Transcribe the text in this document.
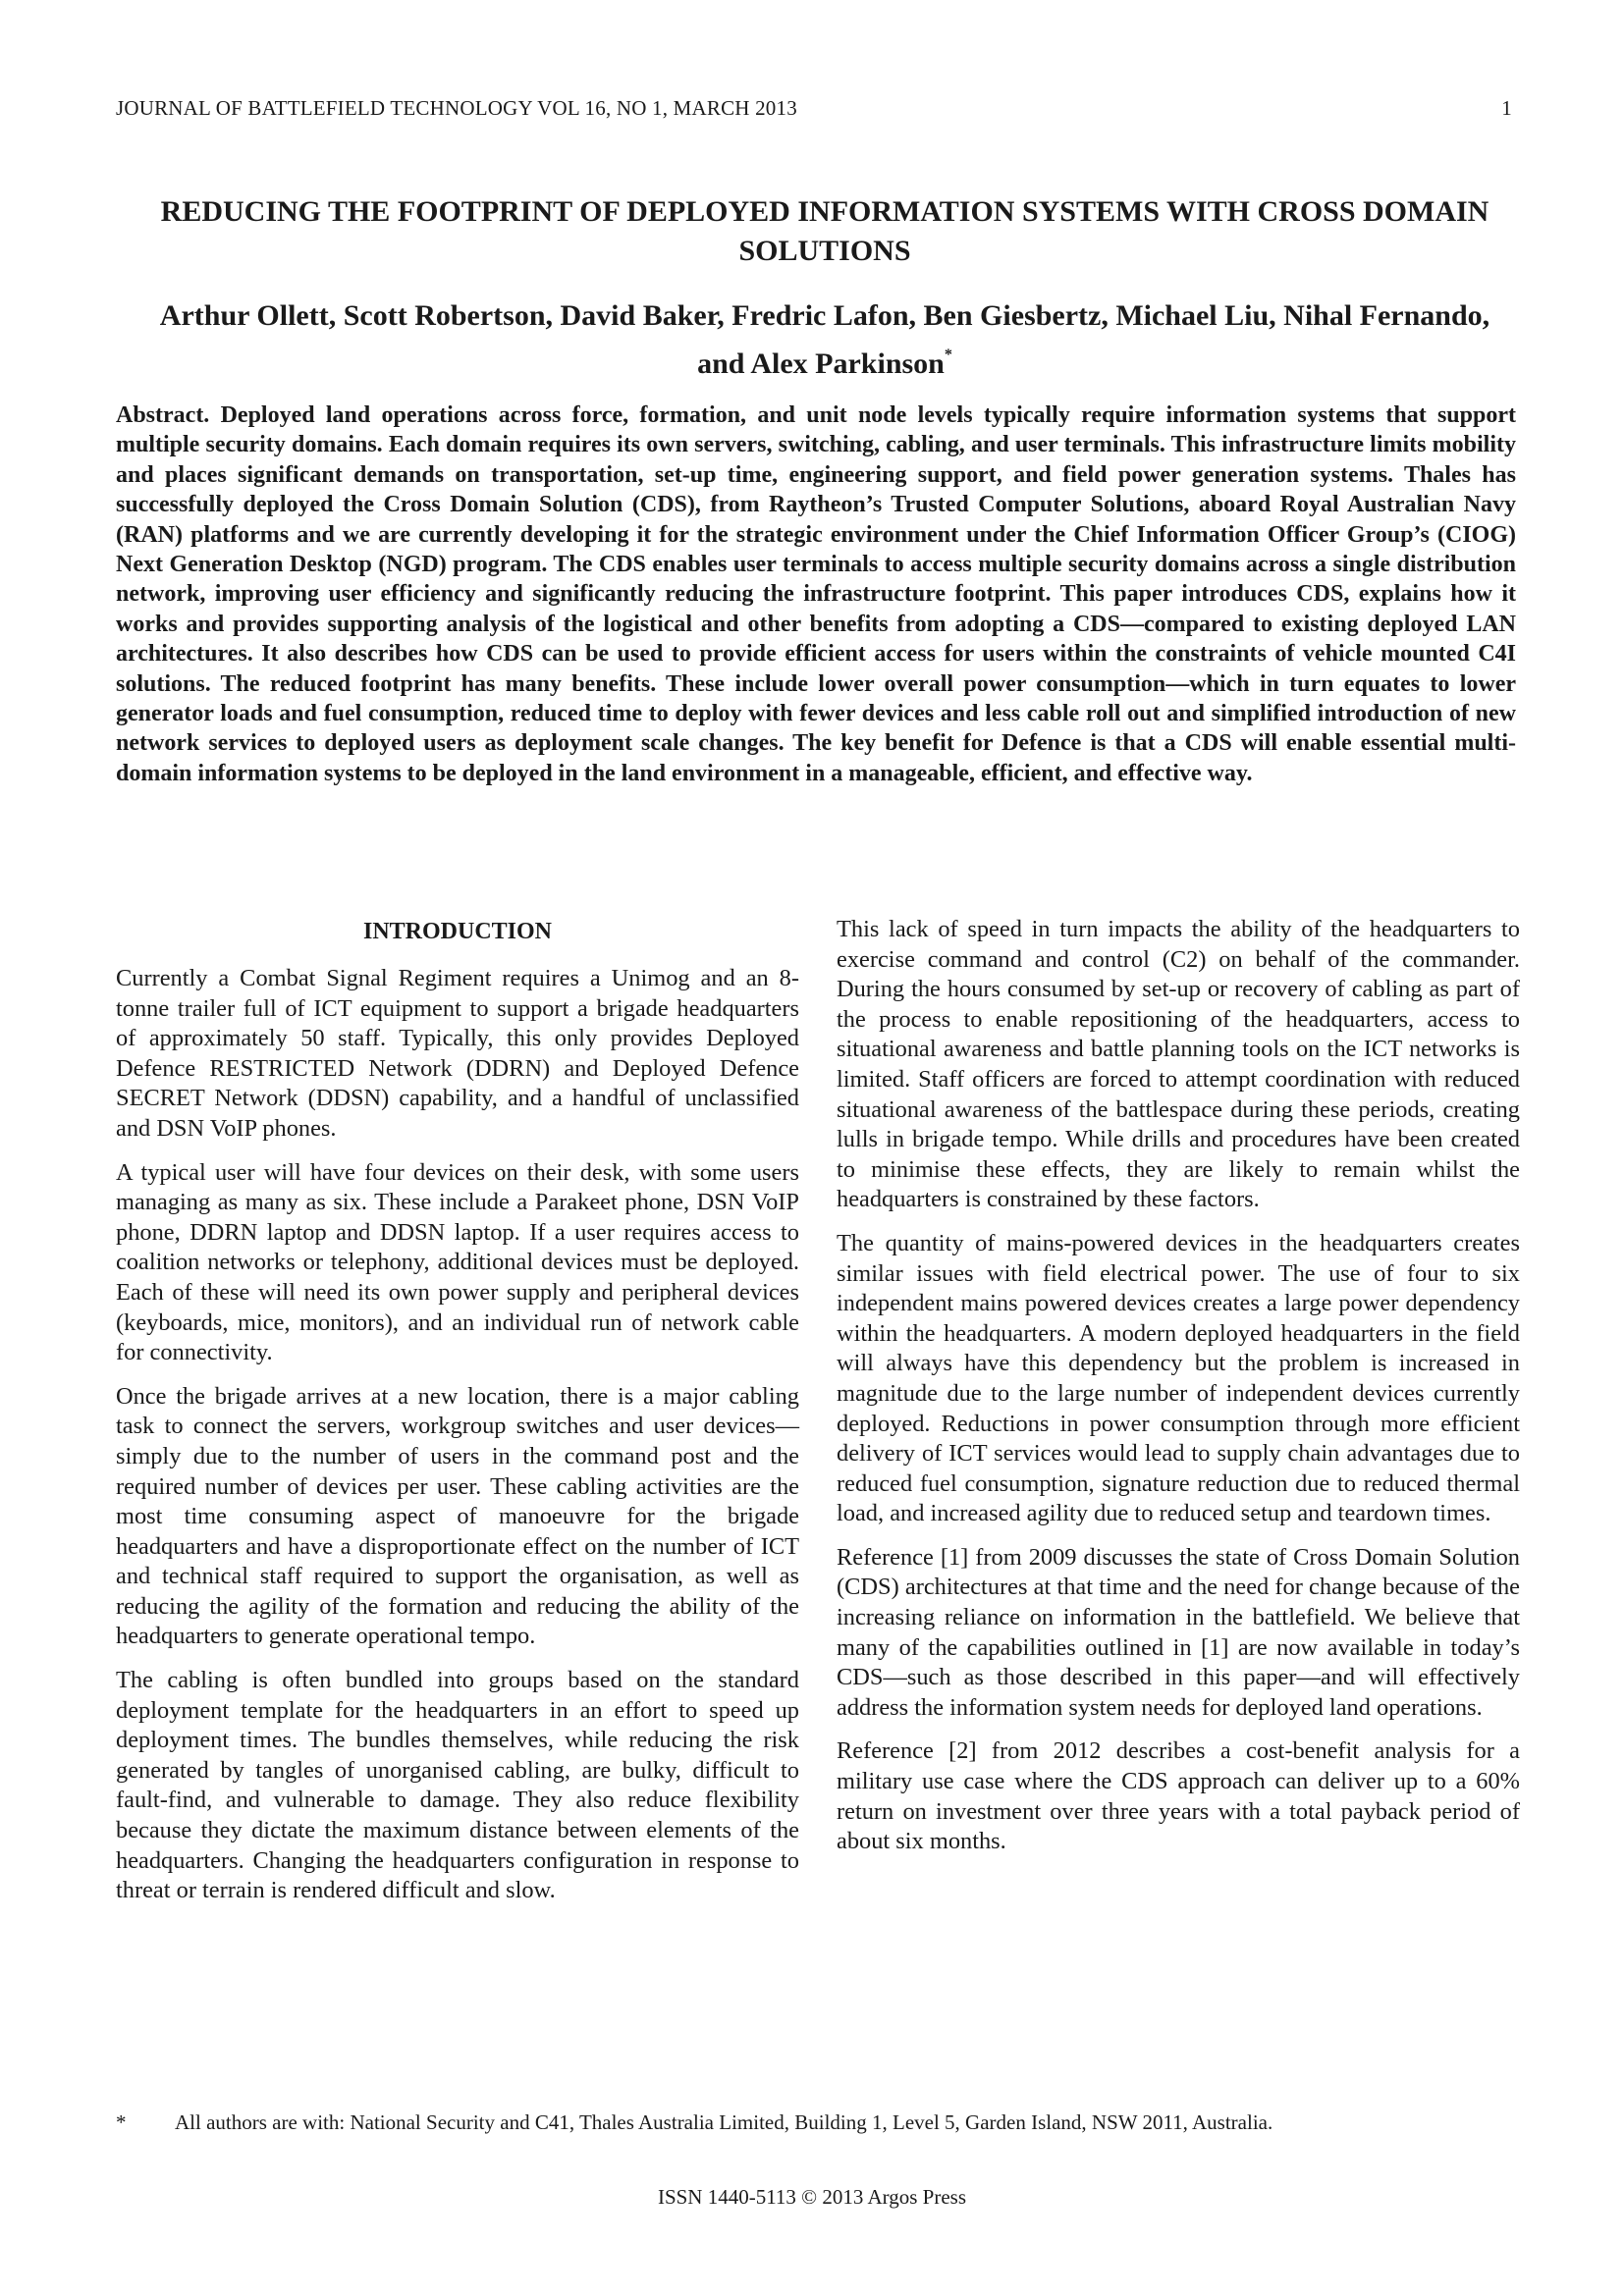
JOURNAL OF BATTLEFIELD TECHNOLOGY VOL 16, NO 1, MARCH 2013	1
REDUCING THE FOOTPRINT OF DEPLOYED INFORMATION SYSTEMS WITH CROSS DOMAIN SOLUTIONS
Arthur Ollett, Scott Robertson, David Baker, Fredric Lafon, Ben Giesbertz, Michael Liu, Nihal Fernando, and Alex Parkinson*
Abstract. Deployed land operations across force, formation, and unit node levels typically require information systems that support multiple security domains. Each domain requires its own servers, switching, cabling, and user terminals. This infrastructure limits mobility and places significant demands on transportation, set-up time, engineering support, and field power generation systems. Thales has successfully deployed the Cross Domain Solution (CDS), from Raytheon’s Trusted Computer Solutions, aboard Royal Australian Navy (RAN) platforms and we are currently developing it for the strategic environment under the Chief Information Officer Group’s (CIOG) Next Generation Desktop (NGD) program. The CDS enables user terminals to access multiple security domains across a single distribution network, improving user efficiency and significantly reducing the infrastructure footprint. This paper introduces CDS, explains how it works and provides supporting analysis of the logistical and other benefits from adopting a CDS—compared to existing deployed LAN architectures. It also describes how CDS can be used to provide efficient access for users within the constraints of vehicle mounted C4I solutions. The reduced footprint has many benefits. These include lower overall power consumption—which in turn equates to lower generator loads and fuel consumption, reduced time to deploy with fewer devices and less cable roll out and simplified introduction of new network services to deployed users as deployment scale changes. The key benefit for Defence is that a CDS will enable essential multi-domain information systems to be deployed in the land environment in a manageable, efficient, and effective way.
INTRODUCTION

Currently a Combat Signal Regiment requires a Unimog and an 8-tonne trailer full of ICT equipment to support a brigade headquarters of approximately 50 staff. Typically, this only provides Deployed Defence RESTRICTED Network (DDRN) and Deployed Defence SECRET Network (DDSN) capability, and a handful of unclassified and DSN VoIP phones.

A typical user will have four devices on their desk, with some users managing as many as six. These include a Parakeet phone, DSN VoIP phone, DDRN laptop and DDSN laptop. If a user requires access to coalition networks or telephony, additional devices must be deployed. Each of these will need its own power supply and peripheral devices (keyboards, mice, monitors), and an individual run of network cable for connectivity.

Once the brigade arrives at a new location, there is a major cabling task to connect the servers, workgroup switches and user devices—simply due to the number of users in the command post and the required number of devices per user. These cabling activities are the most time consuming aspect of manoeuvre for the brigade headquarters and have a disproportionate effect on the number of ICT and technical staff required to support the organisation, as well as reducing the agility of the formation and reducing the ability of the headquarters to generate operational tempo.

The cabling is often bundled into groups based on the standard deployment template for the headquarters in an effort to speed up deployment times. The bundles themselves, while reducing the risk generated by tangles of unorganised cabling, are bulky, difficult to fault-find, and vulnerable to damage. They also reduce flexibility because they dictate the maximum distance between elements of the headquarters. Changing the headquarters configuration in response to threat or terrain is rendered difficult and slow.

This lack of speed in turn impacts the ability of the headquarters to exercise command and control (C2) on behalf of the commander. During the hours consumed by set-up or recovery of cabling as part of the process to enable repositioning of the headquarters, access to situational awareness and battle planning tools on the ICT networks is limited. Staff officers are forced to attempt coordination with reduced situational awareness of the battlespace during these periods, creating lulls in brigade tempo. While drills and procedures have been created to minimise these effects, they are likely to remain whilst the headquarters is constrained by these factors.

The quantity of mains-powered devices in the headquarters creates similar issues with field electrical power. The use of four to six independent mains powered devices creates a large power dependency within the headquarters. A modern deployed headquarters in the field will always have this dependency but the problem is increased in magnitude due to the large number of independent devices currently deployed. Reductions in power consumption through more efficient delivery of ICT services would lead to supply chain advantages due to reduced fuel consumption, signature reduction due to reduced thermal load, and increased agility due to reduced setup and teardown times.

Reference [1] from 2009 discusses the state of Cross Domain Solution (CDS) architectures at that time and the need for change because of the increasing reliance on information in the battlefield. We believe that many of the capabilities outlined in [1] are now available in today’s CDS—such as those described in this paper—and will effectively address the information system needs for deployed land operations.

Reference [2] from 2012 describes a cost-benefit analysis for a military use case where the CDS approach can deliver up to a 60% return on investment over three years with a total payback period of about six months.

* All authors are with: National Security and C41, Thales Australia Limited, Building 1, Level 5, Garden Island, NSW 2011, Australia.
ISSN 1440-5113 © 2013 Argos Press
